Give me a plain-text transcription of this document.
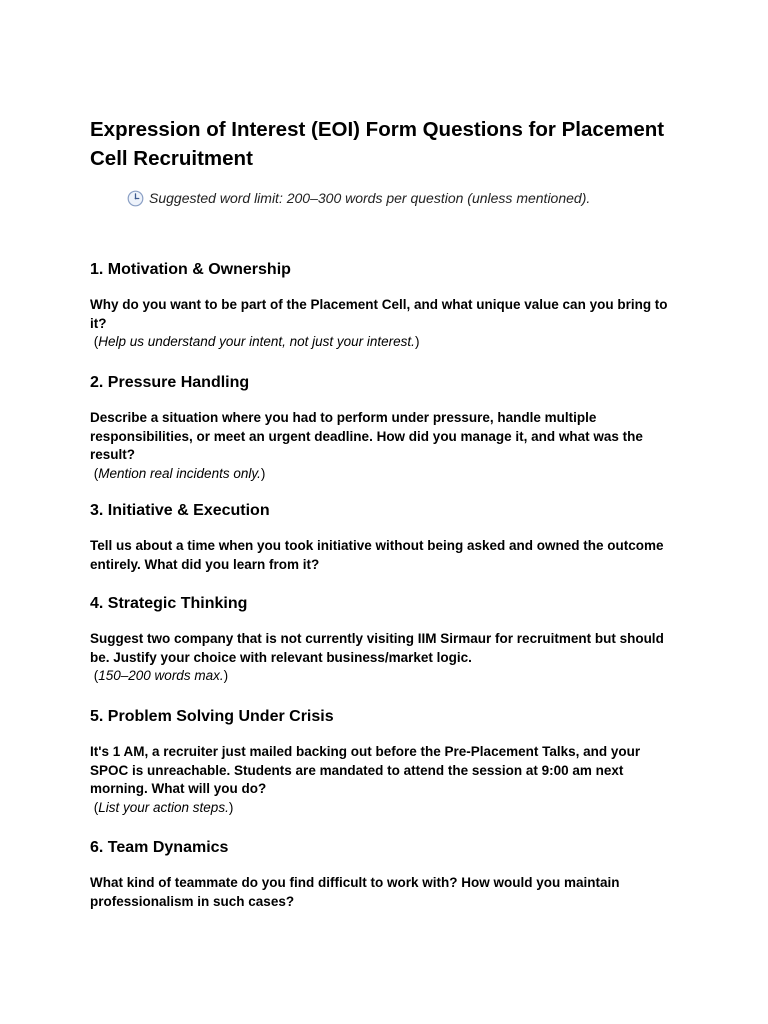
Expression of Interest (EOI) Form Questions for Placement Cell Recruitment
Suggested word limit: 200–300 words per question (unless mentioned).
1. Motivation & Ownership

Why do you want to be part of the Placement Cell, and what unique value can you bring to it?

(Help us understand your intent, not just your interest.)

2. Pressure Handling

Describe a situation where you had to perform under pressure, handle multiple responsibilities, or meet an urgent deadline. How did you manage it, and what was the result?

(Mention real incidents only.)

3. Initiative & Execution

Tell us about a time when you took initiative without being asked and owned the outcome entirely. What did you learn from it?

4. Strategic Thinking

Suggest two company that is not currently visiting IIM Sirmaur for recruitment but should be. Justify your choice with relevant business/market logic.

(150–200 words max.)

5. Problem Solving Under Crisis

It's 1 AM, a recruiter just mailed backing out before the Pre-Placement Talks, and your SPOC is unreachable. Students are mandated to attend the session at 9:00 am next morning. What will you do?

(List your action steps.)

6. Team Dynamics

What kind of teammate do you find difficult to work with? How would you maintain professionalism in such cases?
